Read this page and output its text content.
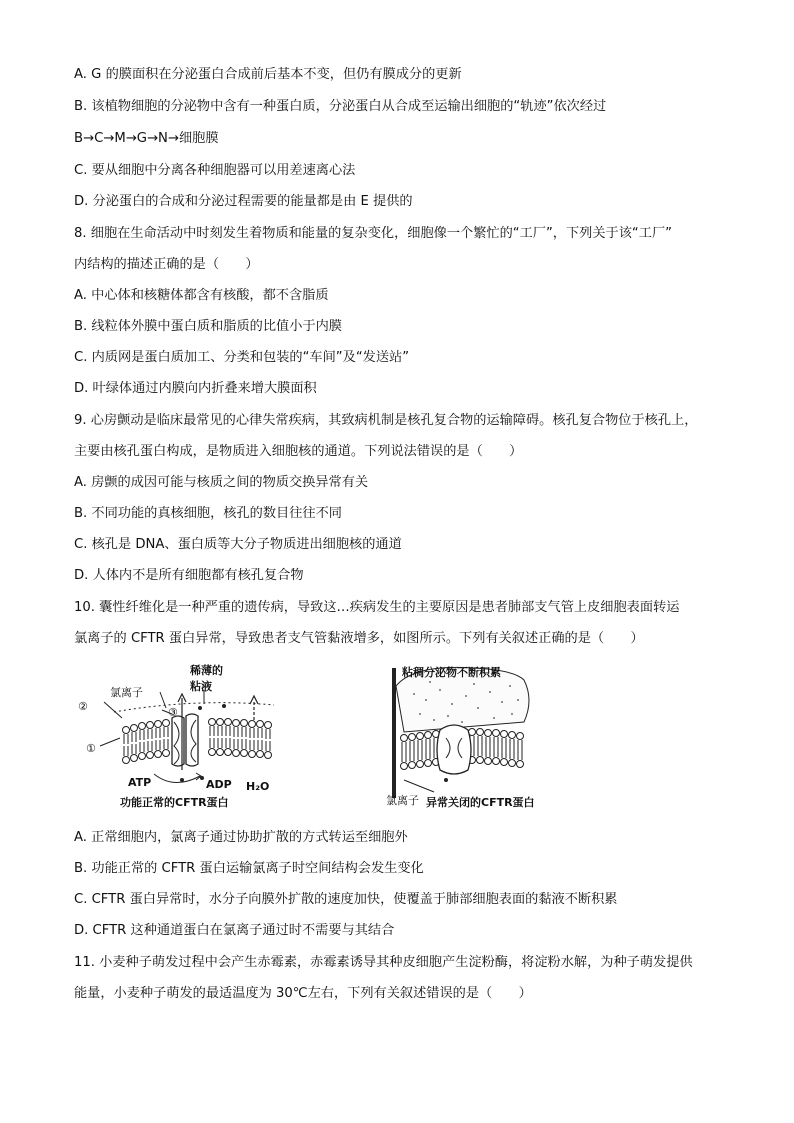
A. G 的膜面积在分泌蛋白合成前后基本不变，但仍有膜成分的更新
B. 该植物细胞的分泌物中含有一种蛋白质，分泌蛋白从合成至运输出细胞的“轨迹”依次经过
B→C→M→G→N→细胞膜
C. 要从细胞中分离各种细胞器可以用差速离心法
D. 分泌蛋白的合成和分泌过程需要的能量都是由 E 提供的
8. 细胞在生命活动中时刻发生着物质和能量的复杂变化，细胞像一个繁忙的“工厂”，下列关于该“工厂”
内结构的描述正确的是（　　）
A. 中心体和核糖体都含有核酸，都不含脂质
B. 线粒体外膜中蛋白质和脂质的比值小于内膜
C. 内质网是蛋白质加工、分类和包装的“车间”及“发送站”
D. 叶绿体通过内膜向内折叠来增大膜面积
9. 心房颤动是临床最常见的心律失常疾病，其致病机制是核孔复合物的运输障碍。核孔复合物位于核孔上，
主要由核孔蛋白构成，是物质进入细胞核的通道。下列说法错误的是（　　）
A. 房颤的成因可能与核质之间的物质交换异常有关
B. 不同功能的真核细胞，核孔的数目往往不同
C. 核孔是 DNA、蛋白质等大分子物质进出细胞核的通道
D. 人体内不是所有细胞都有核孔复合物
10. 囊性纤维化是一种严重的遗传病，导致这…疾病发生的主要原因是患者肺部支气管上皮细胞表面转运
氯离子的 CFTR 蛋白异常，导致患者支气管黏液增多，如图所示。下列有关叙述正确的是（　　）
稀薄的
粘液
氯离子
②
①
③
ATP	ADP H₂O
功能正常的CFTR蛋白
粘稠分泌物不断积累
氯离子 异常关闭的CFTR蛋白
A. 正常细胞内，氯离子通过协助扩散的方式转运至细胞外
B. 功能正常的 CFTR 蛋白运输氯离子时空间结构会发生变化
C. CFTR 蛋白异常时，水分子向膜外扩散的速度加快，使覆盖于肺部细胞表面的黏液不断积累
D. CFTR 这种通道蛋白在氯离子通过时不需要与其结合
11. 小麦种子萌发过程中会产生赤霉素，赤霉素诱导其种皮细胞产生淀粉酶，将淀粉水解，为种子萌发提供
能量，小麦种子萌发的最适温度为 30℃左右，下列有关叙述错误的是（　　）
